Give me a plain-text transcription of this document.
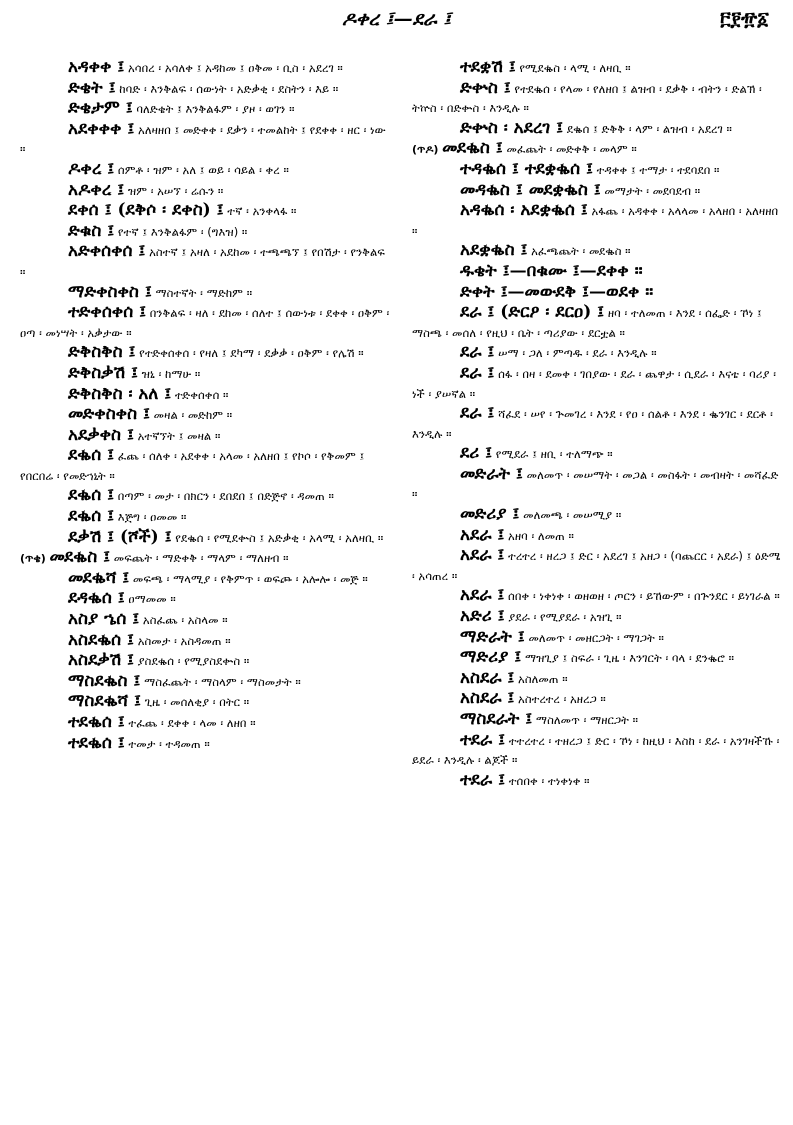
ዶቀረ ፤—ደራ ፤	፫፻፹፩

አዳቀቀ ፤ አሳበረ ፡ አሳለቀ ፤ አዳከመ ፤ ዐቅመ ፡ ቢስ ፡ አደረገ ።

ድቄት ፤ ከባድ ፡ እንቅልፍ ፡ ሰውነት ፡ አድቃቂ ፡ ደስትን ፡ እይ ።

ድቄታም ፤ ባለድቄት ፤ እንቅልፋም ፡ ያዞ ፡ ወገን ።

አደቀቀቀ ፤ አለዛዘበ ፤ መድቀቀ ፡ ደቃን ፡ ተመልከት ፤ የደቀቀ ፡ ዘር ፡ ነው ።

ዶቀረ ፤ ሰምቶ ፡ ዝም ፡ አለ ፤ ወይ ፡ ሳይል ፡ ቀረ ።

አዶቀረ ፤ ዝም ፡ አሠኘ ፡ ሬሱን ።

ደቀሰ ፤ (ደቅሶ ፡ ደቀስ) ፤ ተኛ ፡ አንቀላፋ ።

ድቁስ ፤ የተኛ ፤ እንቅልፋም ፡ (ግእዝ) ።

አድቀሰቀሰ ፤ አስተኛ ፤ አዛለ ፡ አደከመ ፡ ተጫጫኘ ፤ የበሽታ ፡ የንቅልፍ ።

ማድቀስቀስ ፤ ማስተኛት ፡ ማድከም ።

ተድቀሰቀሰ ፤ በንቅልፍ ፡ ዛለ ፡ ደከመ ፡ ሰለተ ፤ ሰውነቱ ፡ ደቀቀ ፡ ዐቅም ፡ ዐጣ ፡ መነሣት ፡ አቃታው ።

ድቅስቅስ ፤ የተድቀሰቀሰ ፡ የዛለ ፤ ደካማ ፡ ደቃቃ ፡ ዐቅም ፡ የሌሽ ።

ድቅስቃሽ ፤ ዝኒ ፡ ከማሁ ።

ድቅስቅስ ፡ አለ ፤ ተድቀሰቀሰ ።

መድቀስቀስ ፤ መዛል ፡ መድከም ።

አደቃቀስ ፤ አተኛኘት ፤ መዛል ።

ደቈሰ ፤ ፈጨ ፡ ሰለቀ ፡ አደቀቀ ፡ አላመ ፡ አለዘበ ፤ የኮሶ ፡ የቅመም ፤ የበርበሬ ፡ የመድኀኒት ።

ደቈሰ ፤ በጣም ፡ መታ ፡ በክርን ፡ ደበደበ ፤ በድጅኖ ፡ ዳመጠ ።

ደቈሰ ፤ እጅግ ፡ ዐመመ ።

ደቃሽ ፤ (ሾች) ፤ የደቈሰ ፡ የሚደቍስ ፤ አድቃቂ ፡ አላሚ ፡ አለዛቢ ።

(ጥቄ) መደቈስ ፤ መፍጨት ፡ ማድቀቅ ፡ ማላም ፡ ማለዘብ ።

መደቈሻ ፤ መፍጫ ፡ ማላሚያ ፡ የቅምጥ ፡ ወፍጮ ፡ አሎሎ ፡ መጅ ።

ደዳቈሰ ፤ ዐማመመ ።

አስያ ኄሰ ፤ አስፈጨ ፡ አስላመ ።

አስደቈሰ ፤ አስመታ ፡ አስዳመጠ ።

አስደቃሽ ፤ ያስደቈሰ ፡ የሚያስደቍስ ።

ማስደቈስ ፤ ማስፈጨት ፡ ማስላም ፡ ማስመታት ።

ማስደቈሻ ፤ ጊዜ ፡ መሰለቂያ ፡ በትር ።

ተደቈሰ ፤ ተፈጨ ፡ ደቀቀ ፡ ላመ ፡ ለዘበ ።

ተደቈሰ ፤ ተመታ ፡ ተዳመጠ ።

ተደቋሽ ፤ የሚደቈስ ፡ ላሚ ፡ ለዛቢ ።

ድቍስ ፤ የተደቈሰ ፡ የላመ ፡ የለዘበ ፤ ልዝብ ፡ ደቃቅ ፡ ብትን ፡ ድልኽ ፡ ትኵስ ፡ በድቍስ ፡ እንዲሉ ።

ድቍስ ፡ አደረገ ፤ ደቈሰ ፤ ድቅቅ ፡ ላም ፡ ልዝብ ፡ አደረገ ።

(ጥዶ) መደቈስ ፤ መፈጨት ፡ መድቀቅ ፡ መላም ።

ተዳቈሰ ፤ ተደቋቈሰ ፤ ተዳቀቀ ፤ ተማታ ፡ ተደባደበ ።

መዳቈስ ፤ መደቋቈስ ፤ መማታት ፡ መደባደብ ።

አዳቈሰ ፡ አደቋቈሰ ፤ አፋጨ ፡ አዳቀቀ ፡ አላላመ ፡ አላዘበ ፡ አለዛዘበ ።

አደቋቈስ ፤ አፈጫጨት ፡ መደቈስ ።

ዱቄት ፤—በቁሙ ፤—ደቀቀ ።

ድቀት ፤—መውደቅ ፤—ወደቀ ።

ደራ ፤ (ድርዖ ፡ ደርዐ) ፤ ዘባ ፡ ተለመጠ ፡ እንደ ፡ ሰፌድ ፡ ኾነ ፤ ማስጫ ፡ መሰለ ፡ የዚህ ፡ ቤት ፡ ጣሪያው ፡ ደርቷል ።

ደራ ፤ ሠማ ፡ ጋለ ፡ ምጣዱ ፡ ደራ ፡ እንዲሉ ።

ደራ ፤ ሰፋ ፡ በዛ ፡ ደመቀ ፡ ገበያው ፡ ደራ ፡ ጨዋታ ፡ ሲደራ ፡ እናቴ ፡ ባሪያ ፡ ነች ፡ ያሠኛል ።

ደራ ፤ ሻፈደ ፡ ሠየ ፡ ጕመገረ ፡ እንደ ፡ የዐ ፡ ሰልቶ ፡ እንደ ፡ ቈንገር ፡ ደርቶ ፡ እንዲሉ ።

ደሪ ፤ የሚደራ ፤ ዘቢ ፡ ተለማጭ ።

መድራት ፤ መለመጥ ፡ መሠማት ፡ መጋል ፡ መስፋት ፡ መብዛት ፡ መሻፈድ ።

መድሪያ ፤ መለመጫ ፡ መሠሚያ ።

አደራ ፤ አዘባ ፡ ለመጠ ።

አደራ ፤ ተረተረ ፡ ዘረጋ ፤ ድር ፡ አደረገ ፤ አዘጋ ፡ (ባጨርር ፡ አደራ) ፤ ዕድሜ ፡ አሳጠረ ።

አደራ ፤ ሰበቀ ፡ ነቀነቀ ፡ ወዘወዘ ፡ ጦርን ፡ ይኸውም ፡ በጕንደር ፡ ይነገራል ።

አድሪ ፤ ያደራ ፡ የሚያደራ ፡ አዝጊ ።

ማድራት ፤ መለመጥ ፡ መዘርጋት ፡ ማገጋት ።

ማድሪያ ፤ ማዝጊያ ፤ ስፍራ ፡ ጊዜ ፡ እንገርት ፡ ባላ ፡ ደንቈሮ ።

አስደራ ፤ አስለመጠ ።

አስደራ ፤ አስተረተረ ፡ አዘረጋ ።

ማስደራት ፤ ማስለመጥ ፡ ማዘርጋት ።

ተደራ ፤ ተተረተረ ፡ ተዘረጋ ፤ ድር ፡ ኾነ ፡ ከዚህ ፡ እስከ ፡ ደራ ፡ አንገዛችኹ ፡ ይደራ ፡ እንዲሉ ፡ ልጆች ።

ተደራ ፤ ተሰበቀ ፡ ተነቀነቀ ።
